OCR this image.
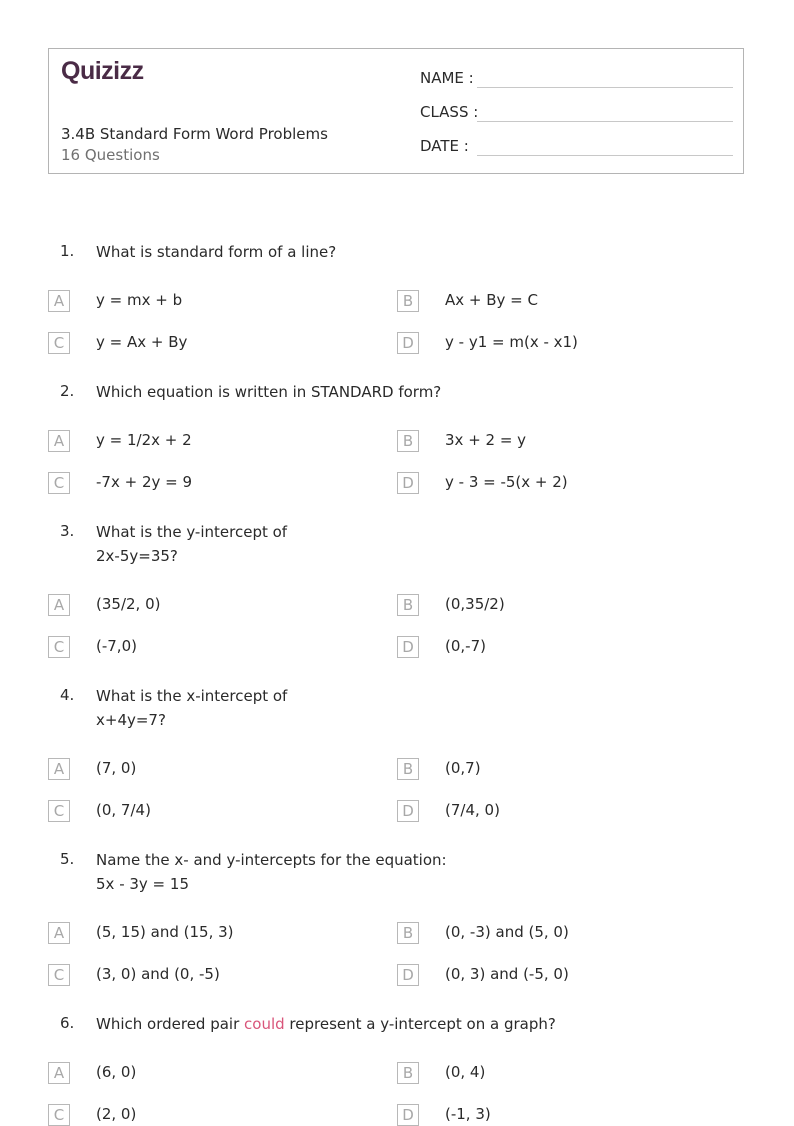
Quizizz
3.4B Standard Form Word Problems
16 Questions
NAME :
CLASS :
DATE :
1. What is standard form of a line?
A	y = mx + b	B	Ax + By = C
C	y = Ax + By	D	y - y1 = m(x - x1)
2. Which equation is written in STANDARD form?
A	y = 1/2x + 2	B	3x + 2 = y
C	-7x + 2y = 9	D	y - 3 = -5(x + 2)
3. What is the y-intercept of
2x-5y=35?
A	(35/2, 0)	B	(0,35/2)
C	(-7,0)	D	(0,-7)
4. What is the x-intercept of
x+4y=7?
A	(7, 0)	B	(0,7)
C	(0, 7/4)	D	(7/4, 0)
5. Name the x- and y-intercepts for the equation:
5x - 3y = 15
A	(5, 15) and (15, 3)	B	(0, -3) and (5, 0)
C	(3, 0) and (0, -5)	D	(0, 3) and (-5, 0)
6. Which ordered pair could represent a y-intercept on a graph?
A	(6, 0)	B	(0, 4)
C	(2, 0)	D	(-1, 3)
